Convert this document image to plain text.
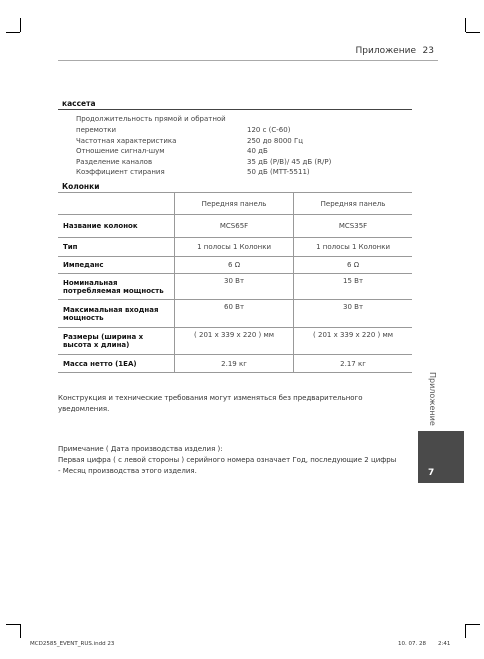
Приложение 23
кассета
Продолжительность прямой и обратной
перемотки	120 с (C-60)
Частотная характеристика	250 до 8000 Гц
Отношение сигнал-шум	40 дБ
Разделение каналов	35 дБ (P/B)/ 45 дБ (R/P)
Коэффициент стирания	50 дБ (MTT-5511)
Колонки
	Передняя панель	Передняя панель
Название колонок	MCS65F	MCS35F
Тип	1 полосы 1 Колонки	1 полосы 1 Колонки
Импеданс	6 Ω	6 Ω
Номинальная потребляемая мощность	30 Вт	15 Вт
Максимальная входная мощность	60 Вт	30 Вт
Размеры (ширина x высота x длина)	( 201 x 339 x 220 ) мм	( 201 x 339 x 220 ) мм
Масса нетто (1EA)	2.19 кг	2.17 кг
Конструкция и технические требования могут изменяться без предварительного уведомления.
Примечание ( Дата производства изделия ):
Первая цифра ( с левой стороны ) серийного номера означает Год, последующие 2 цифры
- Месяц производства этого изделия.
Приложение
7
MCD2585_EVENT_RUS.indd 23	10. 07. 28 2:41
